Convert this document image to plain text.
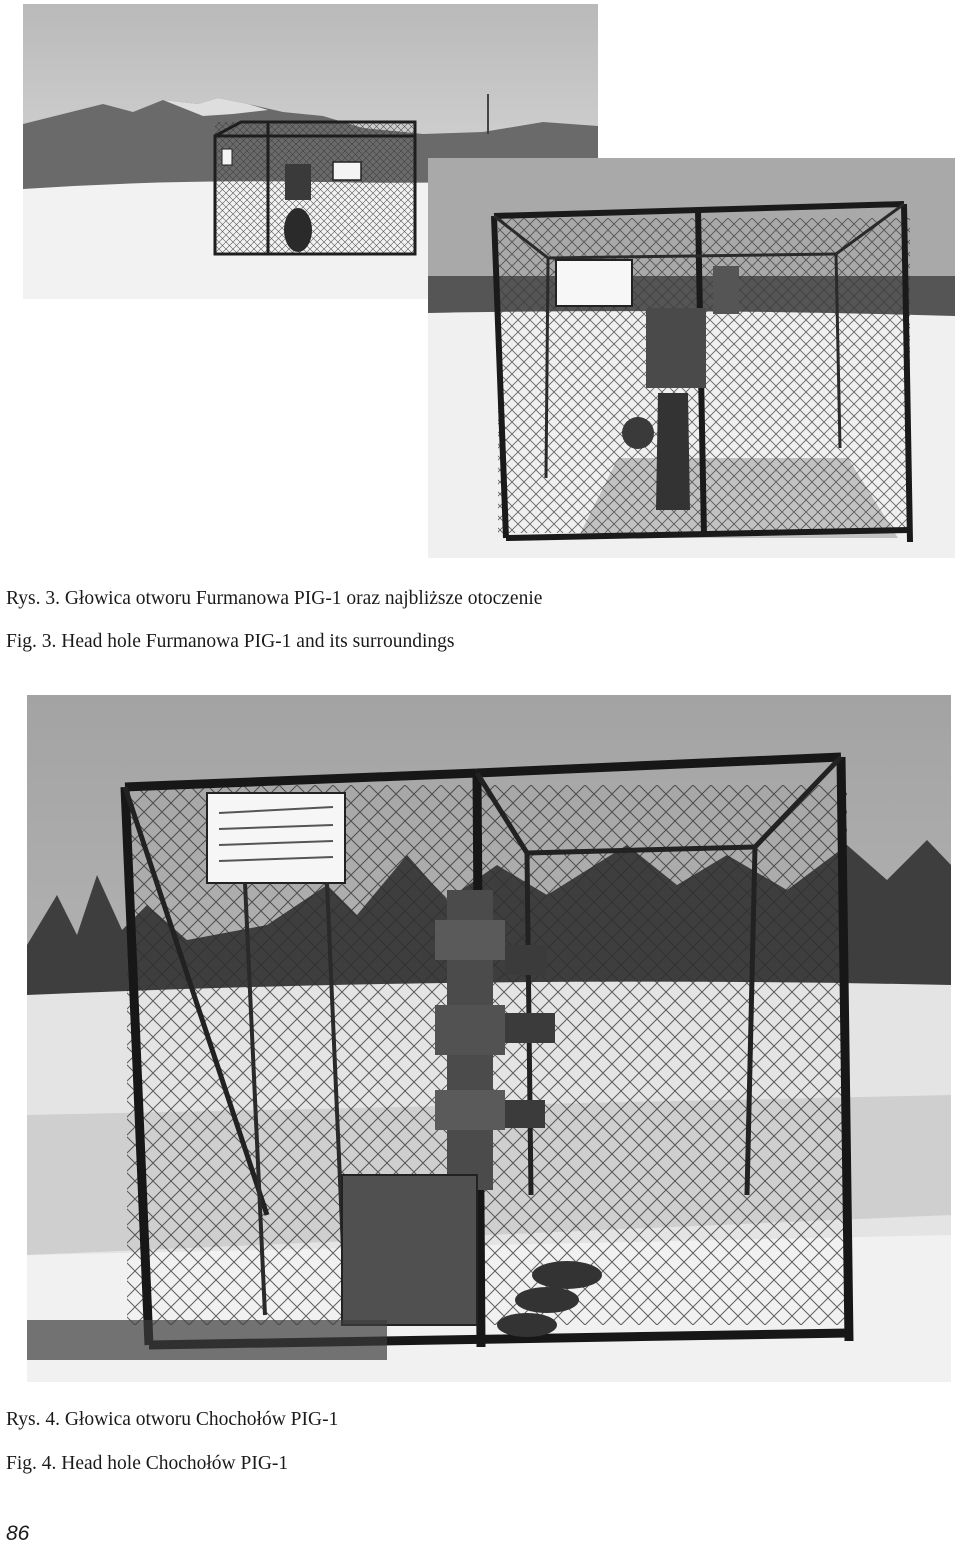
Rys. 3. Głowica otworu Furmanowa PIG-1 oraz najbliższe otoczenie
Fig. 3. Head hole Furmanowa PIG-1 and its surroundings
Rys. 4. Głowica otworu Chochołów PIG-1
Fig. 4. Head hole Chochołów PIG-1
86
